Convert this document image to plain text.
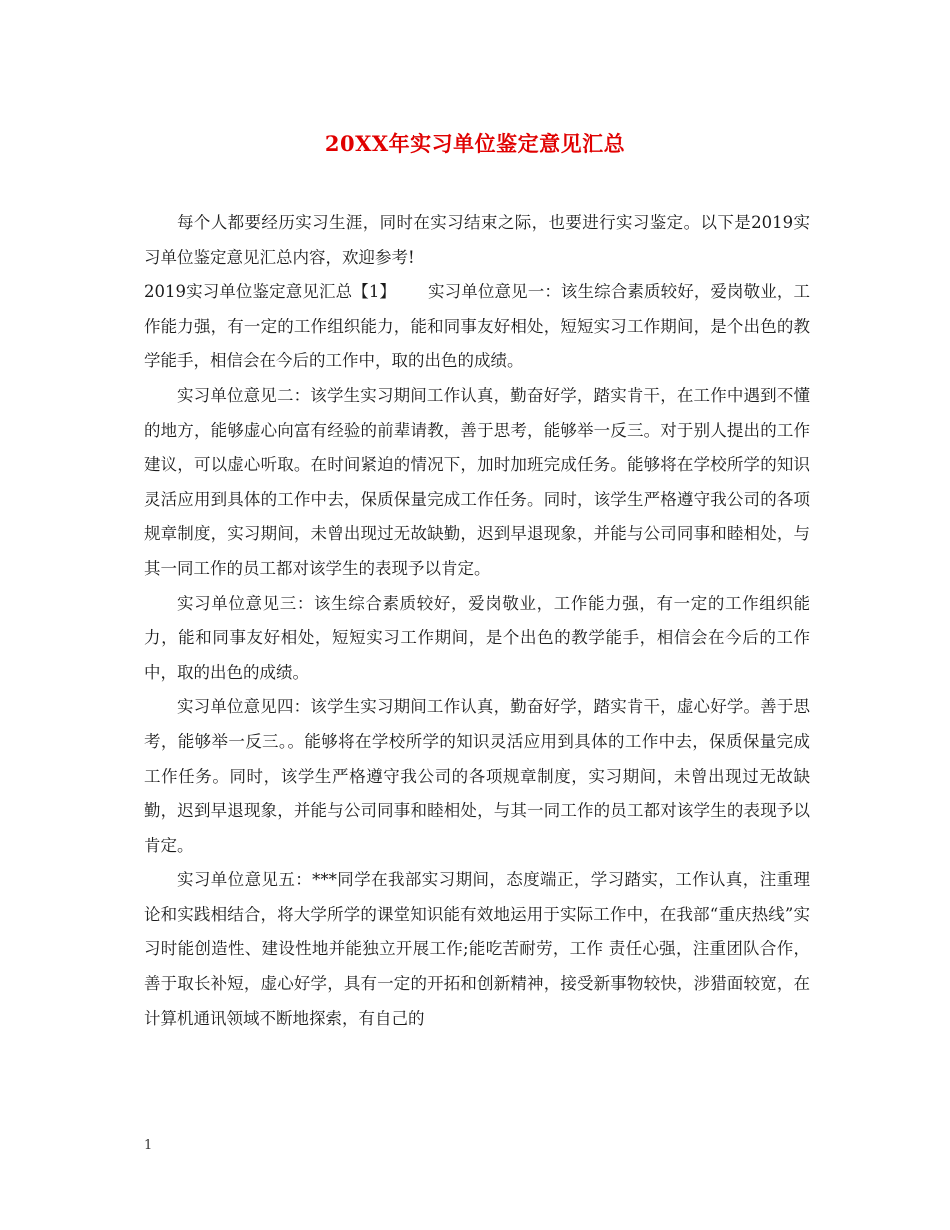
20XX年实习单位鉴定意见汇总

每个人都要经历实习生涯，同时在实习结束之际，也要进行实习鉴定。以下是2019实习单位鉴定意见汇总内容，欢迎参考!

2019实习单位鉴定意见汇总【1】 实习单位意见一：该生综合素质较好，爱岗敬业，工作能力强，有一定的工作组织能力，能和同事友好相处，短短实习工作期间，是个出色的教学能手，相信会在今后的工作中，取的出色的成绩。

实习单位意见二：该学生实习期间工作认真，勤奋好学，踏实肯干，在工作中遇到不懂的地方，能够虚心向富有经验的前辈请教，善于思考，能够举一反三。对于别人提出的工作建议，可以虚心听取。在时间紧迫的情况下，加时加班完成任务。能够将在学校所学的知识灵活应用到具体的工作中去，保质保量完成工作任务。同时，该学生严格遵守我公司的各项规章制度，实习期间，未曾出现过无故缺勤，迟到早退现象，并能与公司同事和睦相处，与其一同工作的员工都对该学生的表现予以肯定。

实习单位意见三：该生综合素质较好，爱岗敬业，工作能力强，有一定的工作组织能力，能和同事友好相处，短短实习工作期间，是个出色的教学能手，相信会在今后的工作中，取的出色的成绩。

实习单位意见四：该学生实习期间工作认真，勤奋好学，踏实肯干，虚心好学。善于思考，能够举一反三。。能够将在学校所学的知识灵活应用到具体的工作中去，保质保量完成工作任务。同时，该学生严格遵守我公司的各项规章制度，实习期间，未曾出现过无故缺勤，迟到早退现象，并能与公司同事和睦相处，与其一同工作的员工都对该学生的表现予以肯定。

实习单位意见五：***同学在我部实习期间，态度端正，学习踏实，工作认真，注重理论和实践相结合，将大学所学的课堂知识能有效地运用于实际工作中，在我部“重庆热线”实习时能创造性、建设性地并能独立开展工作;能吃苦耐劳，工作 责任心强，注重团队合作，善于取长补短，虚心好学，具有一定的开拓和创新精神，接受新事物较快，涉猎面较宽，在计算机通讯领域不断地探索，有自己的

1
